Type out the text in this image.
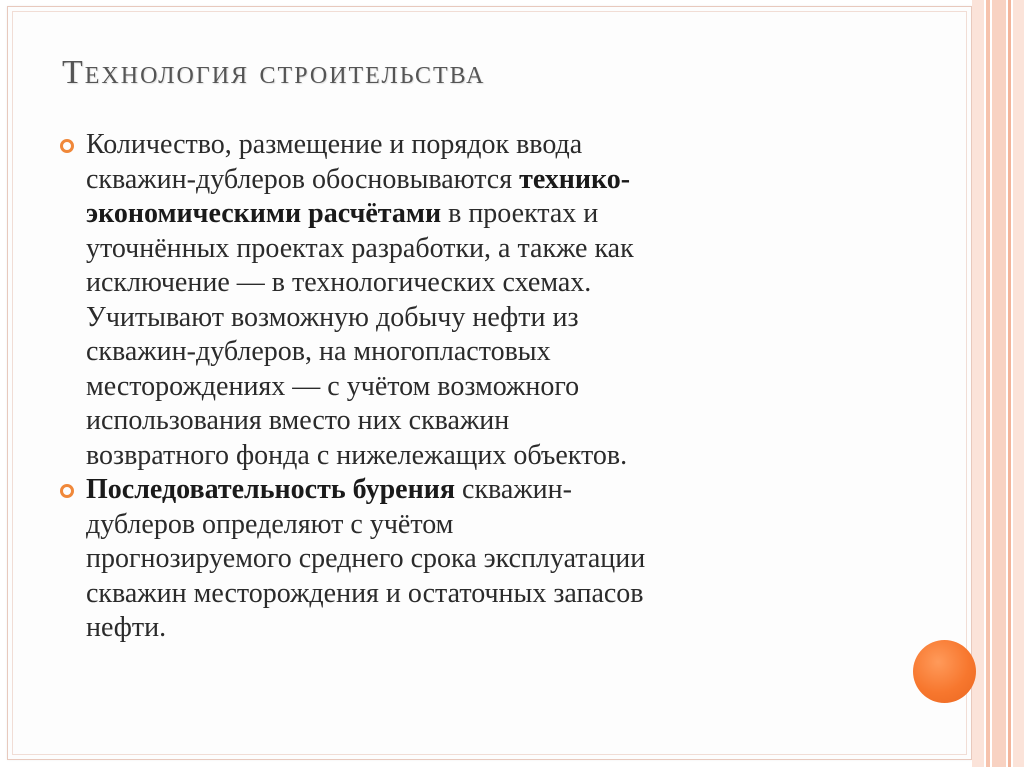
Технология строительства
Количество, размещение и порядок ввода
скважин-дублеров обосновываются технико-
экономическими расчётами в проектах и
уточнённых проектах разработки, а также как
исключение — в технологических схемах.
Учитывают возможную добычу нефти из
скважин-дублеров, на многопластовых
месторождениях — с учётом возможного
использования вместо них скважин
возвратного фонда с нижележащих объектов.
Последовательность бурения скважин-
дублеров определяют с учётом
прогнозируемого среднего срока эксплуатации
скважин месторождения и остаточных запасов
нефти.
